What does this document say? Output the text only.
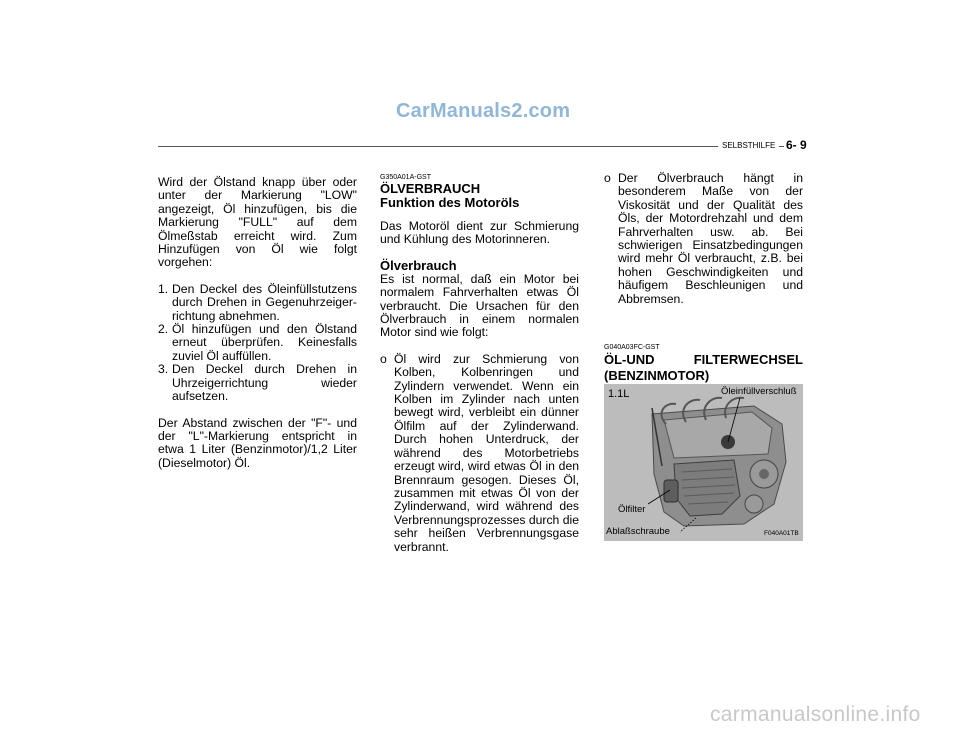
CarManuals2.com
SELBSTHILFE 6- 9

Wird der Ölstand knapp über oder unter der Markierung "LOW" angezeigt, Öl hinzufügen, bis die Markierung "FULL" auf dem Ölmeßstab erreicht wird. Zum Hinzufügen von Öl wie folgt vorgehen:

1. Den Deckel des Öleinfüllstutzens durch Drehen in Gegenuhrzeiger-richtung abnehmen.
2. Öl hinzufügen und den Ölstand erneut überprüfen. Keinesfalls zuviel Öl auffüllen.
3. Den Deckel durch Drehen in Uhrzeigerrichtung wieder aufsetzen.

Der Abstand zwischen der "F"- und der "L"-Markierung entspricht in etwa 1 Liter (Benzinmotor)/1,2 Liter (Dieselmotor) Öl.

G350A01A-GST

ÖLVERBRAUCH

Funktion des Motoröls

Das Motoröl dient zur Schmierung und Kühlung des Motorinneren.

Ölverbrauch

Es ist normal, daß ein Motor bei normalem Fahrverhalten etwas Öl verbraucht. Die Ursachen für den Ölverbrauch in einem normalen Motor sind wie folgt:

o Öl wird zur Schmierung von Kolben, Kolbenringen und Zylindern verwendet. Wenn ein Kolben im Zylinder nach unten bewegt wird, verbleibt ein dünner Ölfilm auf der Zylinderwand. Durch hohen Unterdruck, der während des Motorbetriebs erzeugt wird, wird etwas Öl in den Brennraum gesogen. Dieses Öl, zusammen mit etwas Öl von der Zylinderwand, wird während des Verbrennungsprozesses durch die sehr heißen Verbrennungsgase verbrannt.
o Der Ölverbrauch hängt in besonderem Maße von der Viskosität und der Qualität des Öls, der Motordrehzahl und dem Fahrverhalten usw. ab. Bei schwierigen Einsatzbedingungen wird mehr Öl verbraucht, z.B. bei hohen Geschwindigkeiten und häufigem Beschleunigen und Abbremsen.

G040A03FC-GST

ÖL-UND FILTERWECHSEL (BENZINMOTOR)

1.1L	Öleinfüllverschluß
Ölfilter
Ablaßschraube	F040A01TB
carmanualsonline.info
